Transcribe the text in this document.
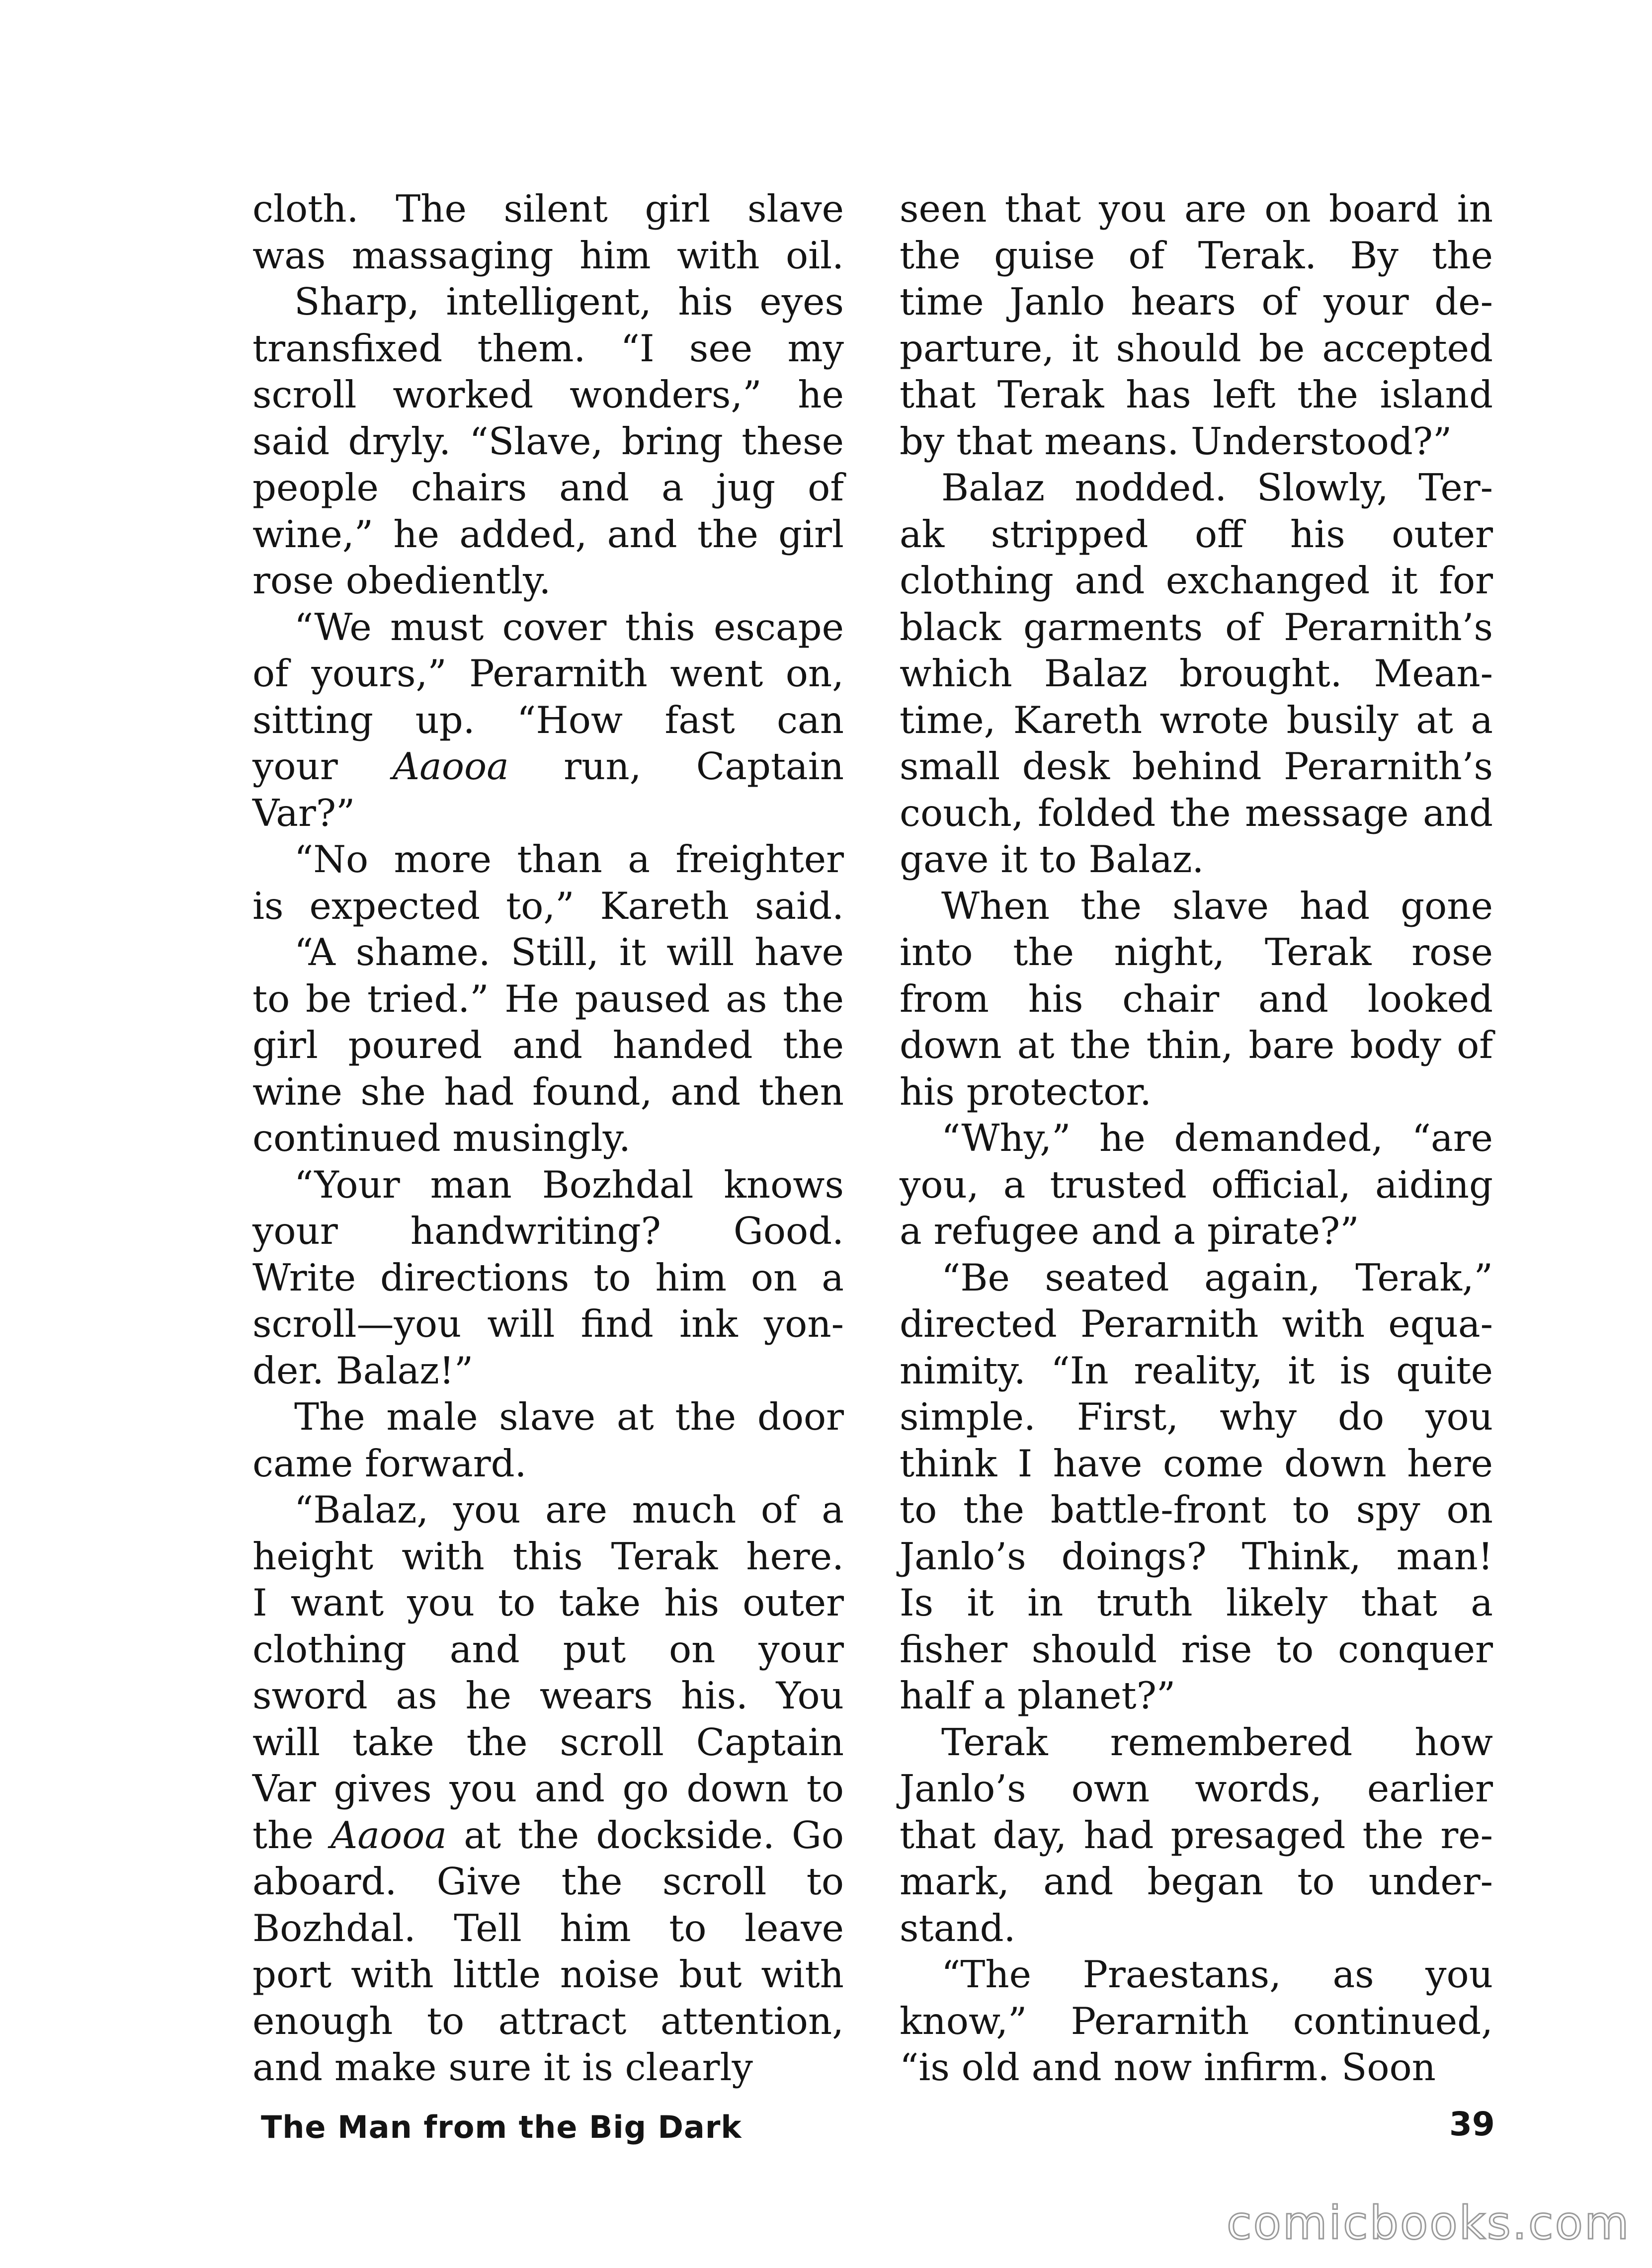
cloth. The silent girl slave
was massaging him with oil.
Sharp, intelligent, his eyes
transfixed them. “I see my
scroll worked wonders,” he
said dryly. “Slave, bring these
people chairs and a jug of
wine,” he added, and the girl
rose obediently.
“We must cover this escape
of yours,” Perarnith went on,
sitting up. “How fast can
your Aaooa run, Captain
Var?”
“No more than a freighter
is expected to,” Kareth said.
“A shame. Still, it will have
to be tried.” He paused as the
girl poured and handed the
wine she had found, and then
continued musingly.
“Your man Bozhdal knows
your handwriting? Good.
Write directions to him on a
scroll—you will find ink yon-
der. Balaz!”
The male slave at the door
came forward.
“Balaz, you are much of a
height with this Terak here.
I want you to take his outer
clothing and put on your
sword as he wears his. You
will take the scroll Captain
Var gives you and go down to
the Aaooa at the dockside. Go
aboard. Give the scroll to
Bozhdal. Tell him to leave
port with little noise but with
enough to attract attention,
and make sure it is clearly
seen that you are on board in
the guise of Terak. By the
time Janlo hears of your de-
parture, it should be accepted
that Terak has left the island
by that means. Understood?”
Balaz nodded. Slowly, Ter-
ak stripped off his outer
clothing and exchanged it for
black garments of Perarnith’s
which Balaz brought. Mean-
time, Kareth wrote busily at a
small desk behind Perarnith’s
couch, folded the message and
gave it to Balaz.
When the slave had gone
into the night, Terak rose
from his chair and looked
down at the thin, bare body of
his protector.
“Why,” he demanded, “are
you, a trusted official, aiding
a refugee and a pirate?”
“Be seated again, Terak,”
directed Perarnith with equa-
nimity. “In reality, it is quite
simple. First, why do you
think I have come down here
to the battle-front to spy on
Janlo’s doings? Think, man!
Is it in truth likely that a
fisher should rise to conquer
half a planet?”
Terak remembered how
Janlo’s own words, earlier
that day, had presaged the re-
mark, and began to under-
stand.
“The Praestans, as you
know,” Perarnith continued,
“is old and now infirm. Soon
The Man from the Big Dark	39
comicbooks.com
